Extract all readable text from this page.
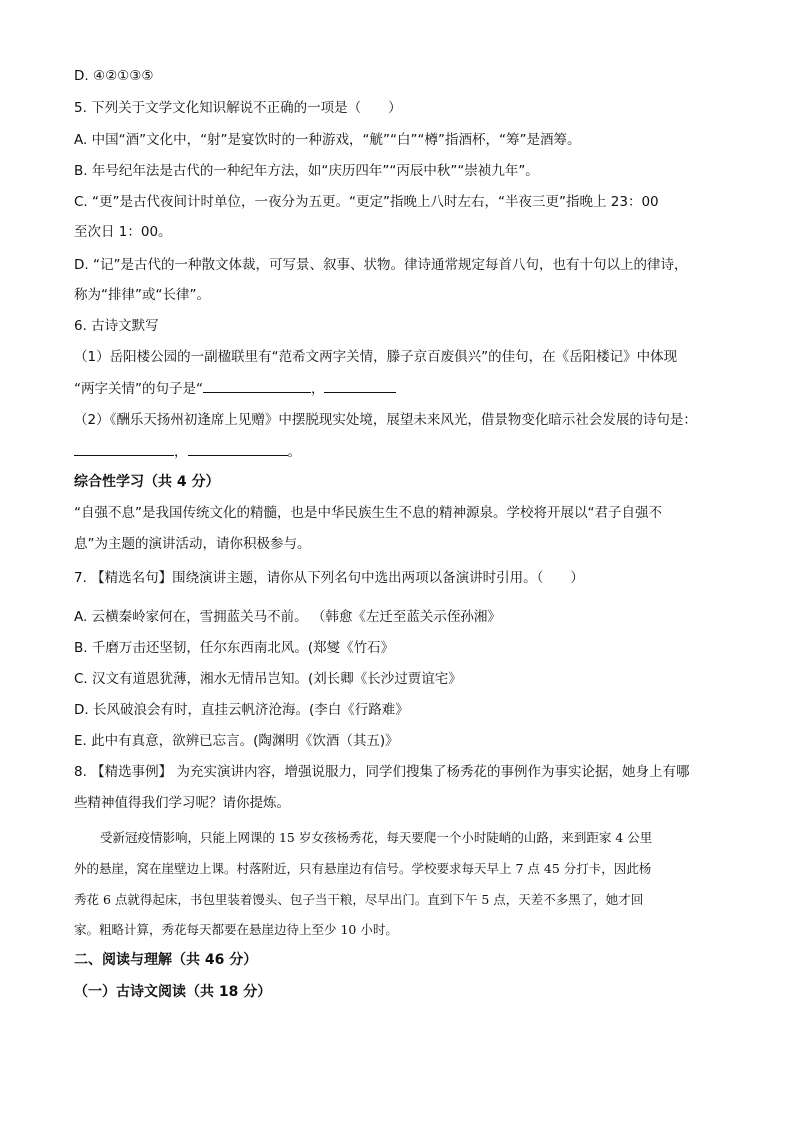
D. ④②①③⑤
5. 下列关于文学文化知识解说不正确的一项是（　　）
A. 中国“酒”文化中，“射”是宴饮时的一种游戏，“觥”“白”“樽”指酒杯，“筹”是酒筹。
B. 年号纪年法是古代的一种纪年方法，如“庆历四年”“丙辰中秋”“崇祯九年”。
C. “更”是古代夜间计时单位，一夜分为五更。“更定”指晚上八时左右，“半夜三更”指晚上 23：00
至次日 1：00。
D. “记”是古代的一种散文体裁，可写景、叙事、状物。律诗通常规定每首八句，也有十句以上的律诗，
称为“排律”或“长律”。
6. 古诗文默写
（1）岳阳楼公园的一副楹联里有“范希文两字关情，滕子京百废俱兴”的佳句，在《岳阳楼记》中体现
“两字关情”的句子是“	，
（2）《酬乐天扬州初逢席上见赠》中摆脱现实处境，展望未来风光，借景物变化暗示社会发展的诗句是：
，	。
综合性学习（共 4 分）
“自强不息”是我国传统文化的精髓，也是中华民族生生不息的精神源泉。学校将开展以“君子自强不
息”为主题的演讲活动，请你积极参与。
7. 【精选名句】围绕演讲主题，请你从下列名句中选出两项以备演讲时引用。（　　）
A. 云横秦岭家何在，雪拥蓝关马不前。 （韩愈《左迁至蓝关示侄孙湘》
B. 千磨万击还坚韧，任尔东西南北风。(郑燮《竹石》
C. 汉文有道恩犹薄，湘水无情吊岂知。(刘长卿《长沙过贾谊宅》
D. 长风破浪会有时，直挂云帆济沧海。(李白《行路难》
E. 此中有真意，欲辨已忘言。(陶渊明《饮酒（其五)》
8. 【精选事例】 为充实演讲内容，增强说服力，同学们搜集了杨秀花的事例作为事实论据，她身上有哪
些精神值得我们学习呢？请你提炼。
受新冠疫情影响，只能上网课的 15 岁女孩杨秀花，每天要爬一个小时陡峭的山路，来到距家 4 公里
外的悬崖，窝在崖壁边上课。村落附近，只有悬崖边有信号。学校要求每天早上 7 点 45 分打卡，因此杨
秀花 6 点就得起床，书包里装着馒头、包子当干粮，尽早出门。直到下午 5 点，天差不多黑了，她才回
家。粗略计算，秀花每天都要在悬崖边待上至少 10 小时。
二、阅读与理解（共 46 分）
（一）古诗文阅读（共 18 分）
